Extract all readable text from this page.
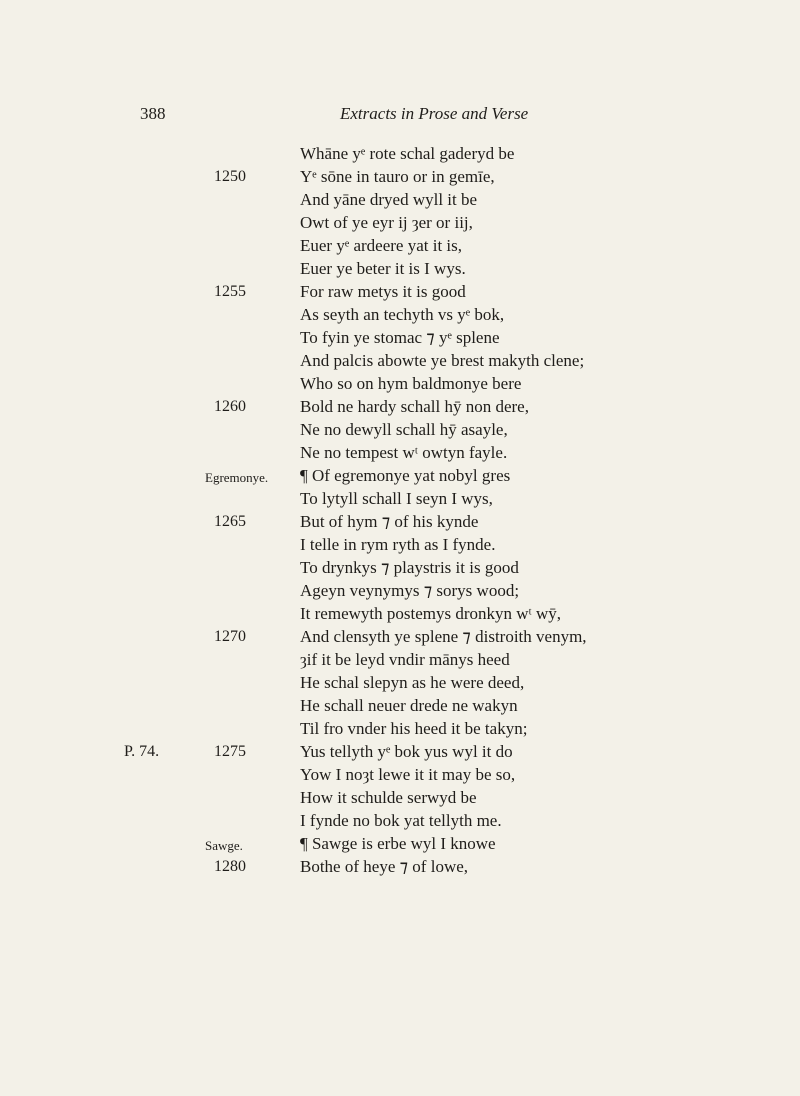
388	Extracts in Prose and Verse
Whāne yᵉ rote schal gaderyd be
Yᵉ sōne in tauro or in gemīe,
And yāne dryed wyll it be
Owt of ye eyr ij ȝer or iij,
Euer yᵉ ardeere yat it is,
Euer ye beter it is I wys.
For raw metys it is good
As seyth an techyth vs yᵉ bok,
To fyin ye stomac ⁊ yᵉ splene
And palcis abowte ye brest makyth clene;
Who so on hym baldmonye bere
Bold ne hardy schall hȳ non dere,
Ne no dewyll schall hȳ asayle,
Ne no tempest wᵗ owtyn fayle.
¶ Of egremonye yat nobyl gres
To lytyll schall I seyn I wys,
But of hym ⁊ of his kynde
I telle in rym ryth as I fynde.
To drynkys ⁊ playstris it is good
Ageyn veynymys ⁊ sorys wood;
It remewyth postemys dronkyn wᵗ wȳ,
And clensyth ye splene ⁊ distroith venym,
ȝif it be leyd vndir mānys heed
He schal slepyn as he were deed,
He schall neuer drede ne wakyn
Til fro vnder his heed it be takyn;
Yus tellyth yᵉ bok yus wyl it do
Yow I noȝt lewe it it may be so,
How it schulde serwyd be
I fynde no bok yat tellyth me.
¶ Sawge is erbe wyl I knowe
Bothe of heye ⁊ of lowe,
1250
1255
1260
1265
1270
1275
1280
Egremonye.
Sawge.
P. 74.
